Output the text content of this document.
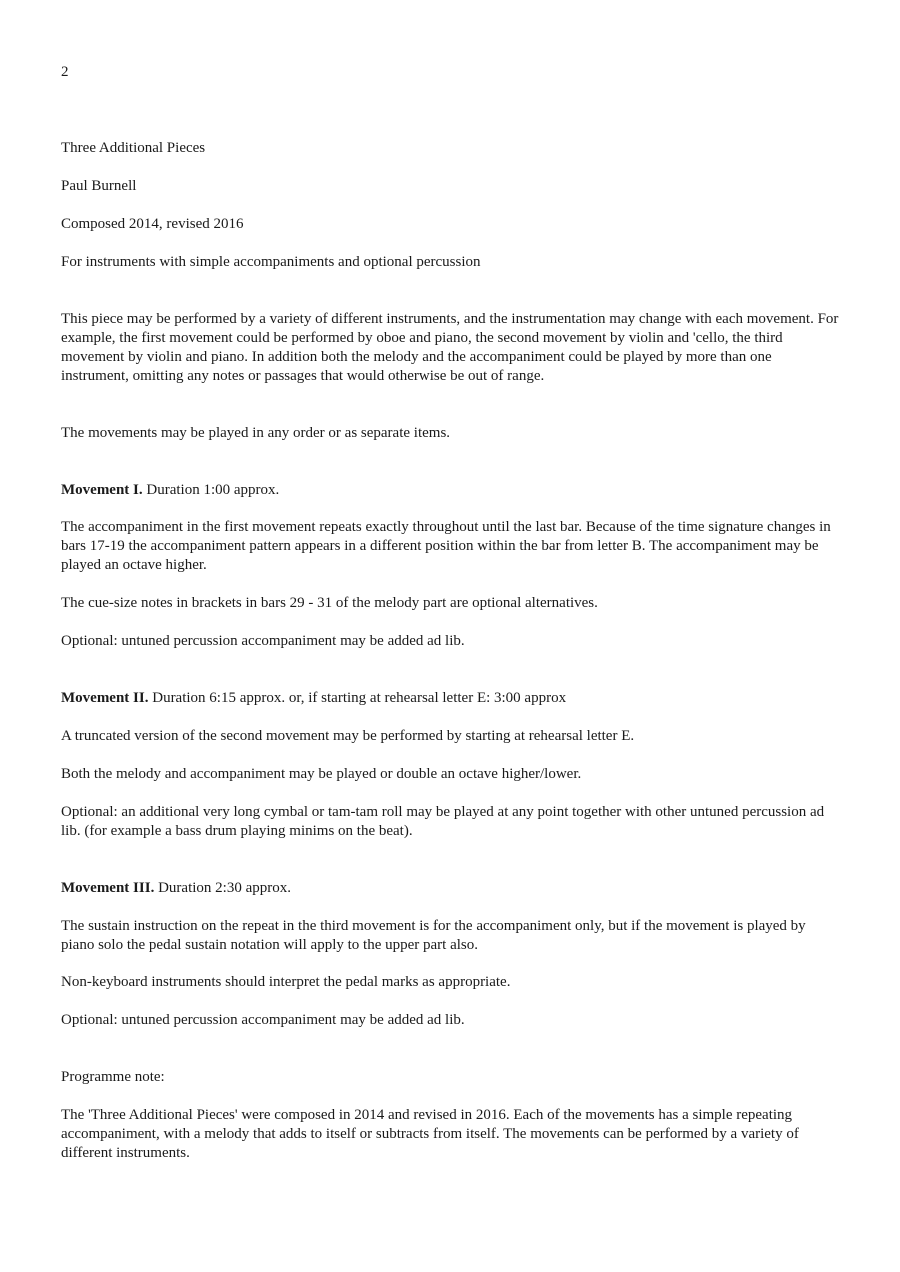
2

Three Additional Pieces

Paul Burnell

Composed 2014, revised 2016

For instruments with simple accompaniments and optional percussion

This piece may be performed by a variety of different instruments, and the instrumentation may change with each movement. For example, the first movement could be performed by oboe and piano, the second movement by violin and 'cello, the third movement by violin and piano. In addition both the melody and the accompaniment could be played by more than one instrument, omitting any notes or passages that would otherwise be out of range.

The movements may be played in any order or as separate items.

Movement I. Duration 1:00 approx.

The accompaniment in the first movement repeats exactly throughout until the last bar. Because of the time signature changes in bars 17-19 the accompaniment pattern appears in a different position within the bar from letter B. The accompaniment may be played an octave higher.

The cue-size notes in brackets in bars 29 - 31 of the melody part are optional alternatives.

Optional: untuned percussion accompaniment may be added ad lib.

Movement II. Duration 6:15 approx. or, if starting at rehearsal letter E: 3:00 approx

A truncated version of the second movement may be performed by starting at rehearsal letter E.

Both the melody and accompaniment may be played or double an octave higher/lower.

Optional: an additional very long cymbal or tam-tam roll may be played at any point together with other untuned percussion ad lib. (for example a bass drum playing minims on the beat).

Movement III. Duration 2:30 approx.

The sustain instruction on the repeat in the third movement is for the accompaniment only, but if the movement is played by piano solo the pedal sustain notation will apply to the upper part also.

Non-keyboard instruments should interpret the pedal marks as appropriate.

Optional: untuned percussion accompaniment may be added ad lib.

Programme note:

The 'Three Additional Pieces' were composed in 2014 and revised in 2016. Each of the movements has a simple repeating accompaniment, with a melody that adds to itself or subtracts from itself. The movements can be performed by a variety of different instruments.
